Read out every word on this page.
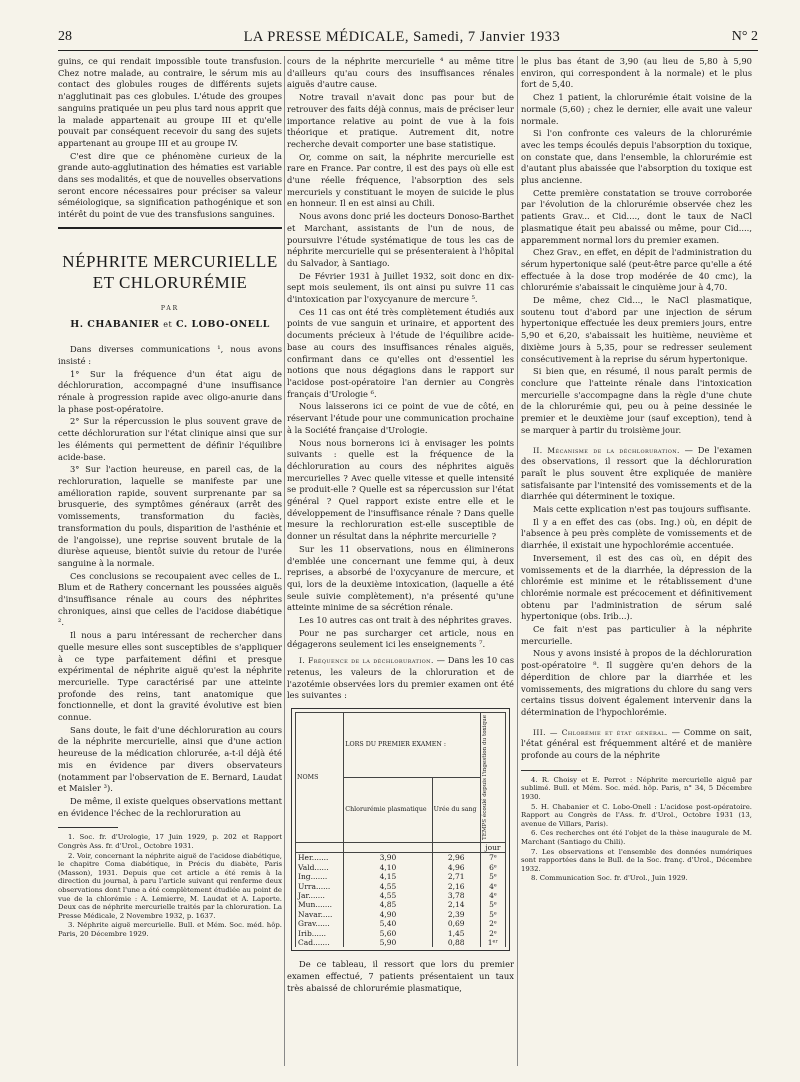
28	LA PRESSE MÉDICALE, Samedi, 7 Janvier 1933	N° 2

guins, ce qui rendait impossible toute transfusion. Chez notre malade, au contraire, le sérum mis au contact des globules rouges de différents sujets n'agglutinait pas ces globules. L'étude des groupes sanguins pratiquée un peu plus tard nous apprit que la malade appartenait au groupe III et qu'elle pouvait par conséquent recevoir du sang des sujets appartenant au groupe III et au groupe IV.

C'est dire que ce phénomène curieux de la grande auto-agglutination des hématies est variable dans ses modalités, et que de nouvelles observations seront encore nécessaires pour préciser sa valeur séméiologique, sa signification pathogénique et son intérêt du point de vue des transfusions sanguines.

NÉPHRITE MERCURIELLE
ET CHLORURÉMIE
PAR
H. CHABANIER et C. LOBO-ONELL

Dans diverses communications ¹, nous avons insisté :

1° Sur la fréquence d'un état aigu de déchloruration, accompagné d'une insuffisance rénale à progression rapide avec oligo-anurie dans la phase post-opératoire.

2° Sur la répercussion le plus souvent grave de cette déchloruration sur l'état clinique ainsi que sur les éléments qui permettent de définir l'équilibre acide-base.

3° Sur l'action heureuse, en pareil cas, de la rechloruration, laquelle se manifeste par une amélioration rapide, souvent surprenante par sa brusquerie, des symptômes généraux (arrêt des vomissements, transformation du faciès, transformation du pouls, disparition de l'asthénie et de l'angoisse), une reprise souvent brutale de la diurèse aqueuse, bientôt suivie du retour de l'urée sanguine à la normale.

Ces conclusions se recoupaient avec celles de L. Blum et de Rathery concernant les poussées aiguës d'insuffisance rénale au cours des néphrites chroniques, ainsi que celles de l'acidose diabétique ².

Il nous a paru intéressant de rechercher dans quelle mesure elles sont susceptibles de s'appliquer à ce type parfaitement défini et presque expérimental de néphrite aiguë qu'est la néphrite mercurielle. Type caractérisé par une atteinte profonde des reins, tant anatomique que fonctionnelle, et dont la gravité évolutive est bien connue.

Sans doute, le fait d'une déchloruration au cours de la néphrite mercurielle, ainsi que d'une action heureuse de la médication chlorurée, a-t-il déjà été mis en évidence par divers observateurs (notamment par l'observation de E. Bernard, Laudat et Maisler ³).

De même, il existe quelques observations mettant en évidence l'échec de la rechloruration au

1. Soc. fr. d'Urologie, 17 Juin 1929, p. 202 et Rapport Congrès Ass. fr. d'Urol., Octobre 1931.

2. Voir, concernant la néphrite aiguë de l'acidose diabétique, le chapitre Coma diabétique, in Précis du diabète, Paris (Masson), 1931. Depuis que cet article a été remis à la direction du journal, à paru l'article suivant qui renferme deux observations dont l'une a été complètement étudiée au point de vue de la chlorémie : A. Lemierre, M. Laudat et A. Laporte. Deux cas de néphrite mercurielle traités par la chloruration. La Presse Médicale, 2 Novembre 1932, p. 1637.

3. Néphrite aiguë mercurielle. Bull. et Mém. Soc. méd. hôp. Paris, 20 Décembre 1929.

cours de la néphrite mercurielle ⁴ au même titre d'ailleurs qu'au cours des insuffisances rénales aiguës d'autre cause.

Notre travail n'avait donc pas pour but de retrouver des faits déjà connus, mais de préciser leur importance relative au point de vue à la fois théorique et pratique. Autrement dit, notre recherche devait comporter une base statistique.

Or, comme on sait, la néphrite mercurielle est rare en France. Par contre, il est des pays où elle est d'une réelle fréquence, l'absorption des sels mercuriels y constituant le moyen de suicide le plus en honneur. Il en est ainsi au Chili.

Nous avons donc prié les docteurs Donoso-Barthet et Marchant, assistants de l'un de nous, de poursuivre l'étude systématique de tous les cas de néphrite mercurielle qui se présenteraient à l'hôpital du Salvador, à Santiago.

De Février 1931 à Juillet 1932, soit donc en dix-sept mois seulement, ils ont ainsi pu suivre 11 cas d'intoxication par l'oxycyanure de mercure ⁵.

Ces 11 cas ont été très complètement étudiés aux points de vue sanguin et urinaire, et apportent des documents précieux à l'étude de l'équilibre acide-base au cours des insuffisances rénales aiguës, confirmant dans ce qu'elles ont d'essentiel les notions que nous dégagions dans le rapport sur l'acidose post-opératoire l'an dernier au Congrès français d'Urologie ⁶.

Nous laisserons ici ce point de vue de côté, en réservant l'étude pour une communication prochaine à la Société française d'Urologie.

Nous nous bornerons ici à envisager les points suivants : quelle est la fréquence de la déchloruration au cours des néphrites aiguës mercurielles ? Avec quelle vitesse et quelle intensité se produit-elle ? Quelle est sa répercussion sur l'état général ? Quel rapport existe entre elle et le développement de l'insuffisance rénale ? Dans quelle mesure la rechloruration est-elle susceptible de donner un résultat dans la néphrite mercurielle ?

Sur les 11 observations, nous en éliminerons d'emblée une concernant une femme qui, à deux reprises, a absorbé de l'oxycyanure de mercure, et qui, lors de la deuxième intoxication, (laquelle a été seule suivie complètement), n'a présenté qu'une atteinte minime de sa sécrétion rénale.

Les 10 autres cas ont trait à des néphrites graves.

Pour ne pas surcharger cet article, nous en dégagerons seulement ici les enseignements ⁷.

I. Fréquence de la déchloruration. — Dans les 10 cas retenus, les valeurs de la chloruration et de l'azotémie observées lors du premier examen ont été les suivantes :

NOMS	LORS DU PREMIER EXAMEN :		TEMPS écoulé depuis l'ingestion du toxique

	Chlorurémie plasmatique	Urée du sang	
			jour
Her.......	3,90	2,96	7ᵉ
Vald......	4,10	4,96	6ᵉ
Ing.......	4,15	2,71	5ᵉ
Urra......	4,55	2,16	4ᵉ
Jar.......	4,55	3,78	4ᵉ
Mun.......	4,85	2,14	5ᵉ
Navar.....	4,90	2,39	5ᵉ
Grav......	5,40	0,69	2ᵉ
Irib......	5,60	1,45	2ᵉ
Cad.......	5,90	0,88	1ᵉʳ

De ce tableau, il ressort que lors du premier examen effectué, 7 patients présentaient un taux très abaissé de chlorurémie plasmatique,

le plus bas étant de 3,90 (au lieu de 5,80 à 5,90 environ, qui correspondent à la normale) et le plus fort de 5,40.

Chez 1 patient, la chlorurémie était voisine de la normale (5,60) ; chez le dernier, elle avait une valeur normale.

Si l'on confronte ces valeurs de la chlorurémie avec les temps écoulés depuis l'absorption du toxique, on constate que, dans l'ensemble, la chlorurémie est d'autant plus abaissée que l'absorption du toxique est plus ancienne.

Cette première constatation se trouve corroborée par l'évolution de la chlorurémie observée chez les patients Grav... et Cid...., dont le taux de NaCl plasmatique était peu abaissé ou même, pour Cid...., apparemment normal lors du premier examen.

Chez Grav., en effet, en dépit de l'administration du sérum hypertonique salé (peut-être parce qu'elle a été effectuée à la dose trop modérée de 40 cmc), la chlorurémie s'abaissait le cinquième jour à 4,70.

De même, chez Cid..., le NaCl plasmatique, soutenu tout d'abord par une injection de sérum hypertonique effectuée les deux premiers jours, entre 5,90 et 6,20, s'abaissait les huitième, neuvième et dixième jours à 5,35, pour se redresser seulement consécutivement à la reprise du sérum hypertonique.

Si bien que, en résumé, il nous paraît permis de conclure que l'atteinte rénale dans l'intoxication mercurielle s'accompagne dans la règle d'une chute de la chlorurémie qui, peu ou à peine dessinée le premier et le deuxième jour (sauf exception), tend à se marquer à partir du troisième jour.

II. Mécanisme de la déchloruration. — De l'examen des observations, il ressort que la déchloruration paraît le plus souvent être expliquée de manière satisfaisante par l'intensité des vomissements et de la diarrhée qui déterminent le toxique.

Mais cette explication n'est pas toujours suffisante.

Il y a en effet des cas (obs. Ing.) où, en dépit de l'absence à peu près complète de vomissements et de diarrhée, il existait une hypochlorémie accentuée.

Inversement, il est des cas où, en dépit des vomissements et de la diarrhée, la dépression de la chlorémie est minime et le rétablissement d'une chlorémie normale est précocement et définitivement obtenu par l'administration de sérum salé hypertonique (obs. Irib...).

Ce fait n'est pas particulier à la néphrite mercurielle.

Nous y avons insisté à propos de la déchloruration post-opératoire ⁸. Il suggère qu'en dehors de la déperdition de chlore par la diarrhée et les vomissements, des migrations du chlore du sang vers certains tissus doivent également intervenir dans la détermination de l'hypochlorémie.

III. — Chlorémie et état général. — Comme on sait, l'état général est fréquemment altéré et de manière profonde au cours de la néphrite

4. R. Choisy et E. Perrot : Néphrite mercurielle aiguë par sublimé. Bull. et Mém. Soc. méd. hôp. Paris, n° 34, 5 Décembre 1930.

5. H. Chabanier et C. Lobo-Onell : L'acidose post-opératoire. Rapport au Congrès de l'Ass. fr. d'Urol., Octobre 1931 (13, avenue de Villars, Paris).

6. Ces recherches ont été l'objet de la thèse inaugurale de M. Marchant (Santiago du Chili).

7. Les observations et l'ensemble des données numériques sont rapportées dans le Bull. de la Soc. franç. d'Urol., Décembre 1932.

8. Communication Soc. fr. d'Urol., Juin 1929.
